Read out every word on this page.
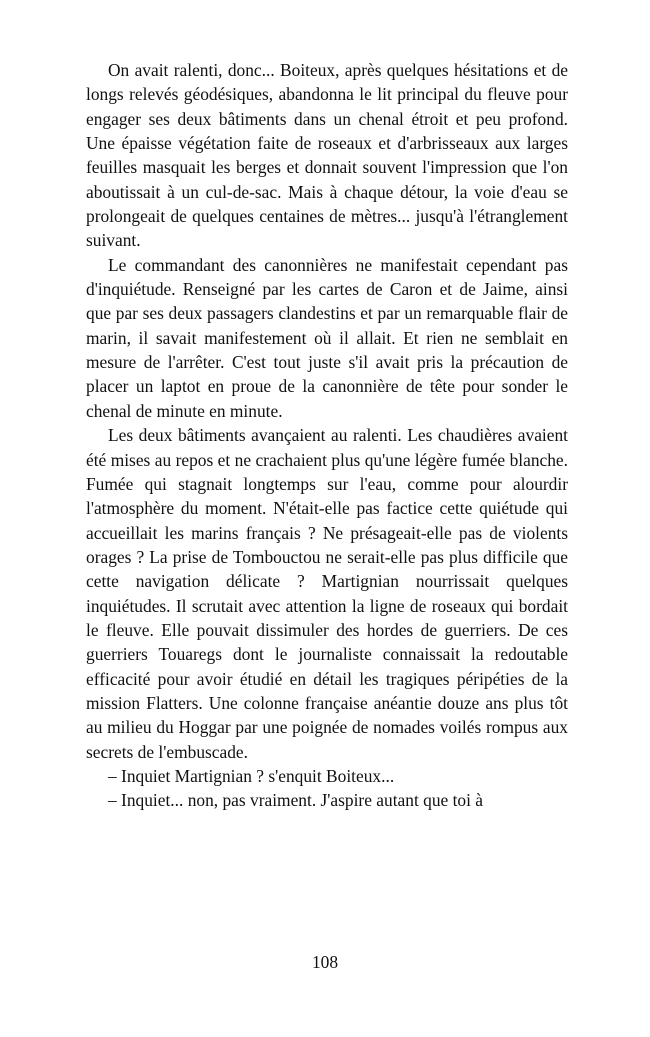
On avait ralenti, donc... Boiteux, après quelques hésitations et de longs relevés géodésiques, abandonna le lit principal du fleuve pour engager ses deux bâtiments dans un chenal étroit et peu profond. Une épaisse végétation faite de roseaux et d'arbrisseaux aux larges feuilles masquait les berges et donnait souvent l'impression que l'on aboutissait à un cul-de-sac. Mais à chaque détour, la voie d'eau se prolongeait de quelques centaines de mètres... jusqu'à l'étranglement suivant.

Le commandant des canonnières ne manifestait cependant pas d'inquiétude. Renseigné par les cartes de Caron et de Jaime, ainsi que par ses deux passagers clandestins et par un remarquable flair de marin, il savait manifestement où il allait. Et rien ne semblait en mesure de l'arrêter. C'est tout juste s'il avait pris la précaution de placer un laptot en proue de la canonnière de tête pour sonder le chenal de minute en minute.

Les deux bâtiments avançaient au ralenti. Les chaudières avaient été mises au repos et ne crachaient plus qu'une légère fumée blanche. Fumée qui stagnait longtemps sur l'eau, comme pour alourdir l'atmosphère du moment. N'était-elle pas factice cette quiétude qui accueillait les marins français ? Ne présageait-elle pas de violents orages ? La prise de Tombouctou ne serait-elle pas plus difficile que cette navigation délicate ? Martignian nourrissait quelques inquiétudes. Il scrutait avec attention la ligne de roseaux qui bordait le fleuve. Elle pouvait dissimuler des hordes de guerriers. De ces guerriers Touaregs dont le journaliste connaissait la redoutable efficacité pour avoir étudié en détail les tragiques péripéties de la mission Flatters. Une colonne française anéantie douze ans plus tôt au milieu du Hoggar par une poignée de nomades voilés rompus aux secrets de l'embuscade.

– Inquiet Martignian ? s'enquit Boiteux...

– Inquiet... non, pas vraiment. J'aspire autant que toi à

108
